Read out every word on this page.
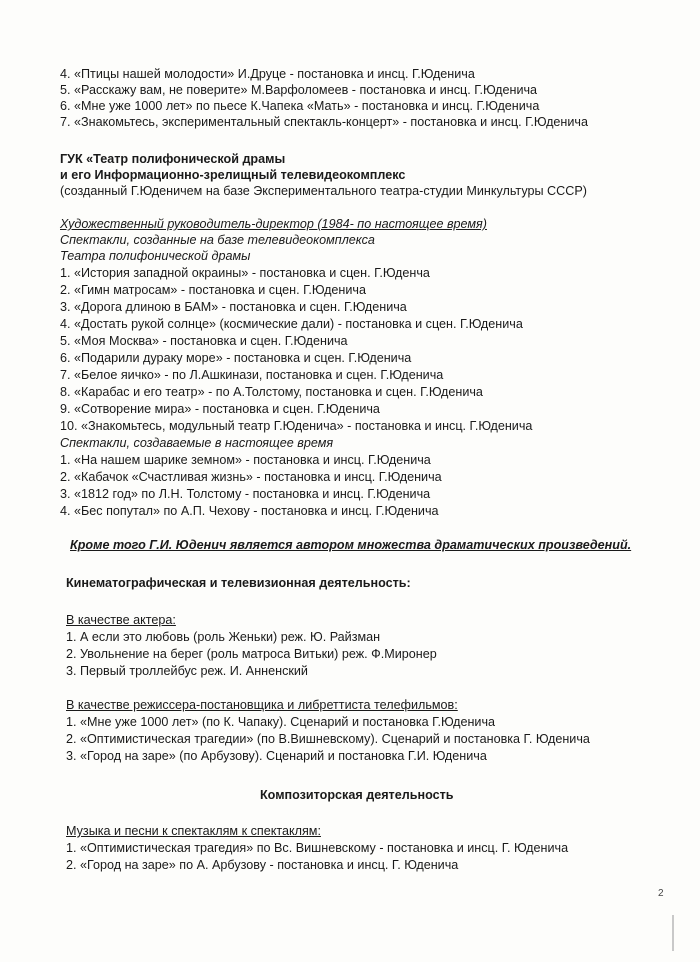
4. «Птицы нашей молодости» И.Друце - постановка и инсц. Г.Юденича
5. «Расскажу вам, не поверите» М.Варфоломеев - постановка и инсц. Г.Юденича
6. «Мне уже 1000 лет» по пьесе К.Чапека «Мать» - постановка и инсц. Г.Юденича
7. «Знакомьтесь, экспериментальный спектакль-концерт» - постановка и инсц. Г.Юденича
ГУК «Театр полифонической драмы
и его Информационно-зрелищный телевидеокомплекс
(созданный Г.Юденичем на базе Экспериментального театра-студии Минкультуры СССР)
Художественный руководитель-директор (1984- по настоящее время)
Спектакли, созданные на базе телевидеокомплекса
Театра полифонической драмы
1. «История западной окраины» - постановка и сцен. Г.Юденча
2. «Гимн матросам» - постановка и сцен. Г.Юденича
3. «Дорога длиною в БАМ» - постановка и сцен. Г.Юденича
4. «Достать рукой солнце» (космические дали) - постановка и сцен. Г.Юденича
5. «Моя Москва» - постановка и сцен. Г.Юденича
6. «Подарили дураку море» - постановка и сцен. Г.Юденича
7. «Белое яичко» - по Л.Ашкинази, постановка и сцен. Г.Юденича
8. «Карабас и его театр» - по А.Толстому, постановка и сцен. Г.Юденича
9. «Сотворение мира» - постановка и сцен. Г.Юденича
10. «Знакомьтесь, модульный театр Г.Юденича» - постановка и инсц. Г.Юденича
Спектакли, создаваемые в настоящее время
1. «На нашем шарике земном» - постановка и инсц. Г.Юденича
2. «Кабачок «Счастливая жизнь» - постановка и инсц. Г.Юденича
3. «1812 год» по Л.Н. Толстому - постановка и инсц. Г.Юденича
4. «Бес попутал» по А.П. Чехову - постановка и инсц. Г.Юденича
Кроме того Г.И. Юденич является автором множества драматических произведений.
Кинематографическая и телевизионная деятельность:
В качестве актера:
1. А если это любовь (роль Женьки) реж. Ю. Райзман
2. Увольнение на берег (роль матроса Витьки) реж. Ф.Миронер
3. Первый троллейбус реж. И. Анненский
В качестве режиссера-постановщика и либреттиста телефильмов:
1. «Мне уже 1000 лет» (по К. Чапаку). Сценарий и постановка Г.Юденича
2. «Оптимистическая трагедии» (по В.Вишневскому). Сценарий и постановка Г. Юденича
3. «Город на заре» (по Арбузову). Сценарий и постановка Г.И. Юденича
Композиторская деятельность
Музыка и песни к спектаклям к спектаклям:
1. «Оптимистическая трагедия» по Вс. Вишневскому - постановка и инсц. Г. Юденича
2. «Город на заре» по А. Арбузову - постановка и инсц. Г. Юденича
2
